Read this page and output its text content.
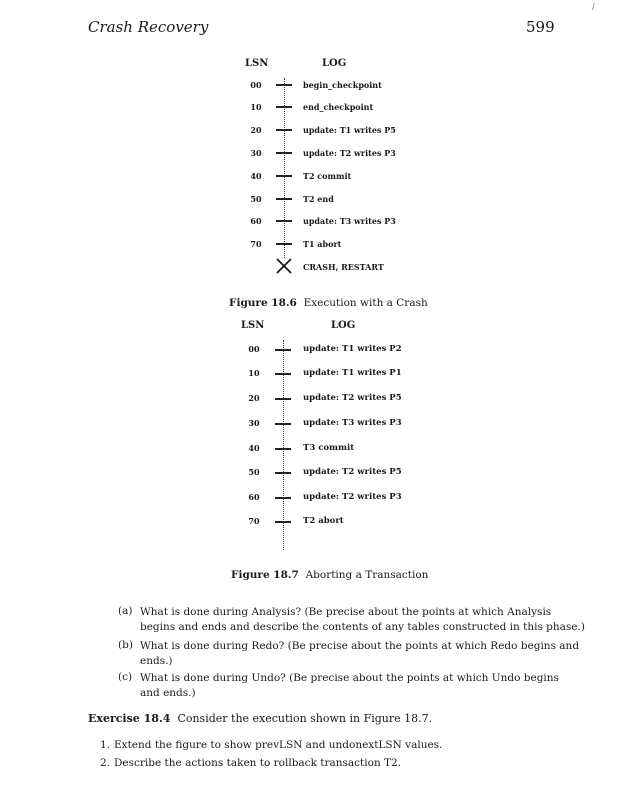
Crash Recovery	599
/
LSN	LOG
00	begin_checkpoint
10	end_checkpoint
20	update: T1 writes P5
30	update: T2 writes P3
40	T2 commit
50	T2 end
60	update: T3 writes P3
70	T1 abort
CRASH, RESTART
Figure 18.6 Execution with a Crash
LSN	LOG
00	update: T1 writes P2
10	update: T1 writes P1
20	update: T2 writes P5
30	update: T3 writes P3
40	T3 commit
50	update: T2 writes P5
60	update: T2 writes P3
70	T2 abort
Figure 18.7 Aborting a Transaction
(a) What is done during Analysis? (Be precise about the points at which Analysis
begins and ends and describe the contents of any tables constructed in this phase.)
(b) What is done during Redo? (Be precise about the points at which Redo begins and
ends.)
(c) What is done during Undo? (Be precise about the points at which Undo begins
and ends.)
Exercise 18.4 Consider the execution shown in Figure 18.7.
1. Extend the figure to show prevLSN and undonextLSN values.
2. Describe the actions taken to rollback transaction T2.
